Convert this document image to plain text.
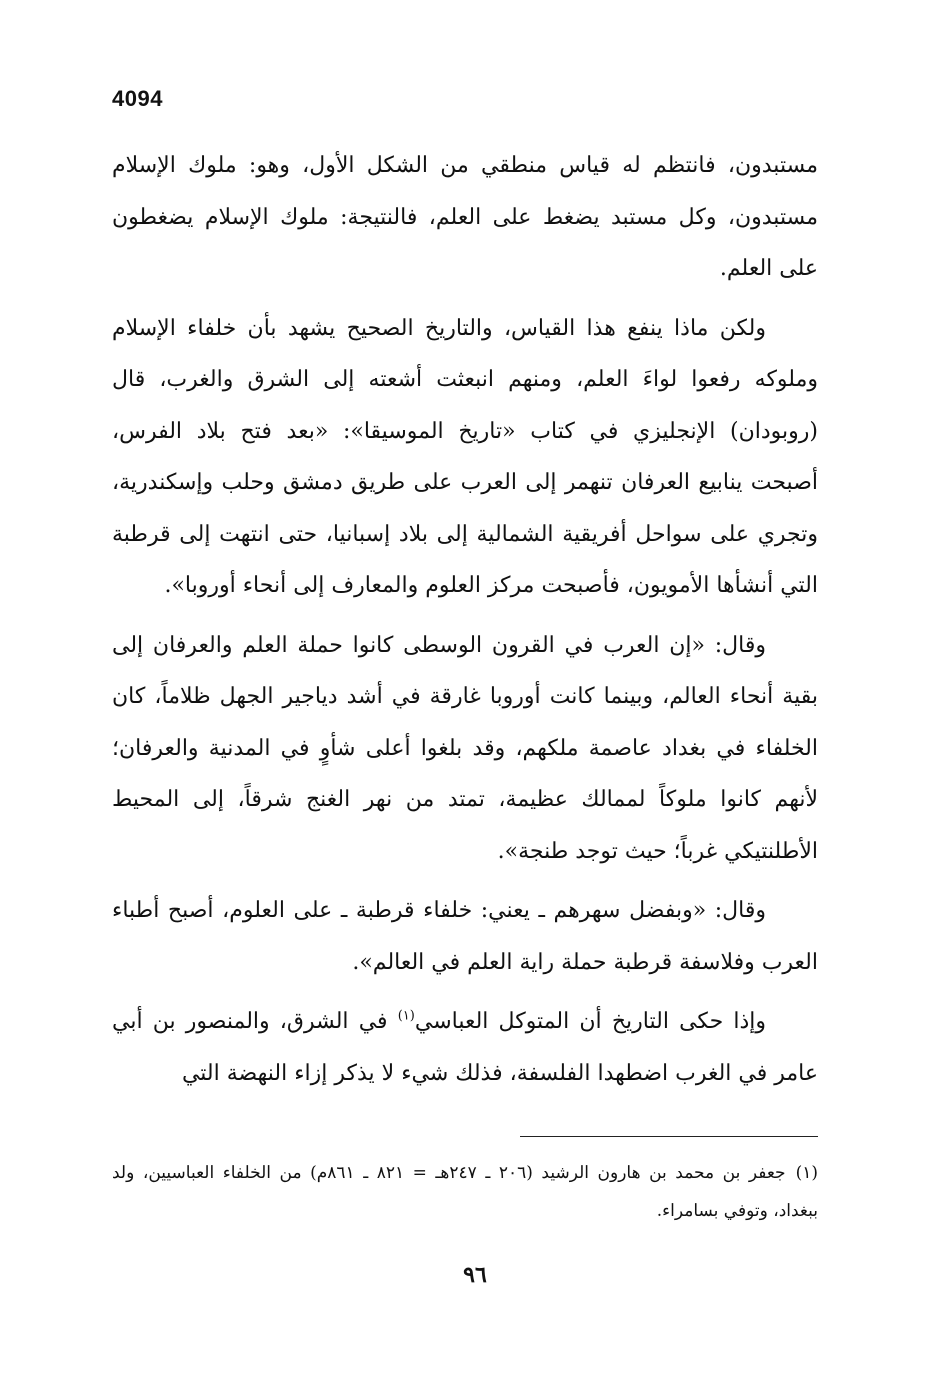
4094

مستبدون، فانتظم له قياس منطقي من الشكل الأول، وهو: ملوك الإسلام مستبدون، وكل مستبد يضغط على العلم، فالنتيجة: ملوك الإسلام يضغطون على العلم.

ولكن ماذا ينفع هذا القياس، والتاريخ الصحيح يشهد بأن خلفاء الإسلام وملوكه رفعوا لواءَ العلم، ومنهم انبعثت أشعته إلى الشرق والغرب، قال (روبودان) الإنجليزي في كتاب «تاريخ الموسيقا»: «بعد فتح بلاد الفرس، أصبحت ينابيع العرفان تنهمر إلى العرب على طريق دمشق وحلب وإسكندرية، وتجري على سواحل أفريقية الشمالية إلى بلاد إسبانيا، حتى انتهت إلى قرطبة التي أنشأها الأمويون، فأصبحت مركز العلوم والمعارف إلى أنحاء أوروبا».

وقال: «إن العرب في القرون الوسطى كانوا حملة العلم والعرفان إلى بقية أنحاء العالم، وبينما كانت أوروبا غارقة في أشد دياجير الجهل ظلاماً، كان الخلفاء في بغداد عاصمة ملكهم، وقد بلغوا أعلى شأوٍ في المدنية والعرفان؛ لأنهم كانوا ملوكاً لممالك عظيمة، تمتد من نهر الغنج شرقاً، إلى المحيط الأطلنتيكي غرباً؛ حيث توجد طنجة».

وقال: «وبفضل سهرهم ـ يعني: خلفاء قرطبة ـ على العلوم، أصبح أطباء العرب وفلاسفة قرطبة حملة راية العلم في العالم».

وإذا حكى التاريخ أن المتوكل العباسي$^{(١)}$ في الشرق، والمنصور بن أبي عامر في الغرب اضطهدا الفلسفة، فذلك شيء لا يذكر إزاء النهضة التي

(١)جعفر بن محمد بن هارون الرشيد (٢٠٦ ـ ٢٤٧هـ = ٨٢١ ـ ٨٦١م) من الخلفاء العباسيين، ولد ببغداد، وتوفي بسامراء.
٩٦
